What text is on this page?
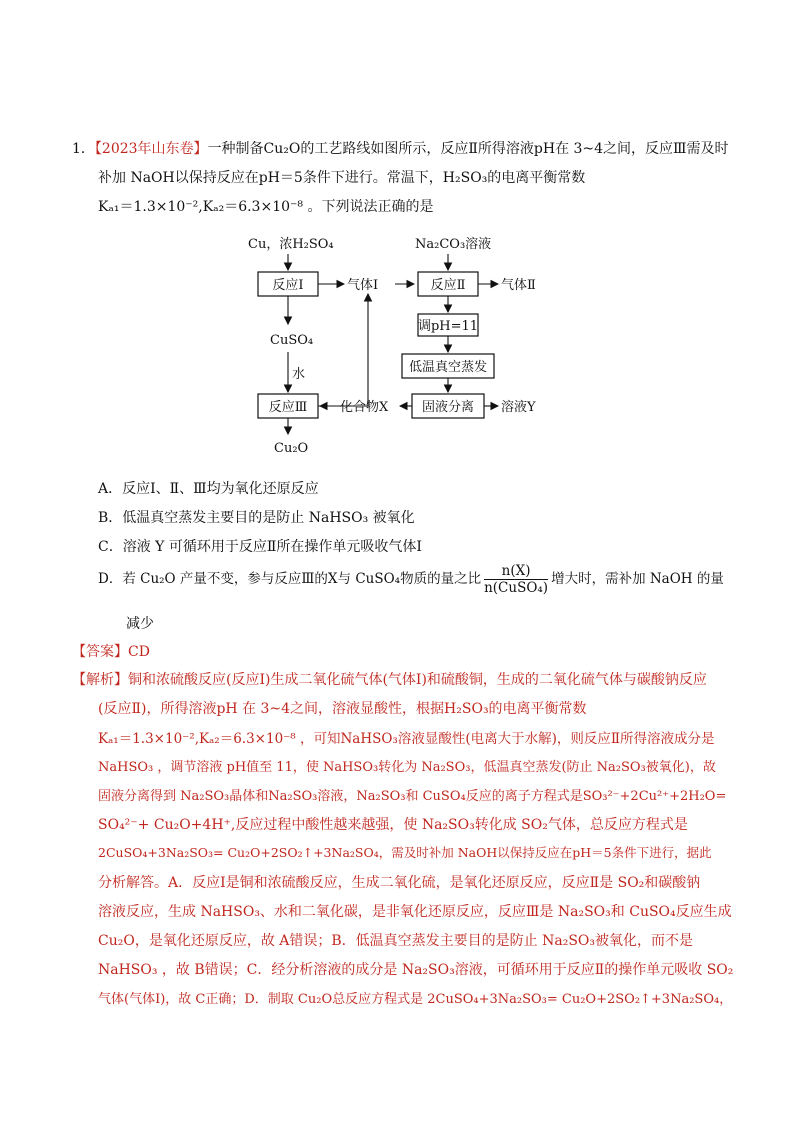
1．【2023年山东卷】一种制备Cu₂O的工艺路线如图所示，反应Ⅱ所得溶液pH在 3~4之间，反应Ⅲ需及时
补加 NaOH以保持反应在pH＝5条件下进行。常温下，H₂SO₃的电离平衡常数
Kₐ₁＝1.3×10⁻²,Kₐ₂＝6.3×10⁻⁸ 。下列说法正确的是
Cu，浓H₂SO₄
反应Ⅰ	气体Ⅰ
CuSO₄
水
反应Ⅲ
Cu₂O
化合物X
Na₂CO₃溶液
反应Ⅱ	气体Ⅱ
调pH=11
低温真空蒸发
固液分离 溶液Y
A．反应Ⅰ、Ⅱ、Ⅲ均为氧化还原反应
B．低温真空蒸发主要目的是防止 NaHSO₃ 被氧化
C．溶液 Y 可循环用于反应Ⅱ所在操作单元吸收气体Ⅰ
D．若 Cu₂O 产量不变，参与反应Ⅲ的X与 CuSO₄物质的量之比 $\frac{n(X)}{\text{n(CuSO₄)}}$ 增大时，需补加 NaOH 的量
减少
【答案】CD
【解析】铜和浓硫酸反应(反应Ⅰ)生成二氧化硫气体(气体Ⅰ)和硫酸铜，生成的二氧化硫气体与碳酸钠反应
(反应Ⅱ)，所得溶液pH 在 3~4之间，溶液显酸性，根据H₂SO₃的电离平衡常数
Kₐ₁＝1.3×10⁻²,Kₐ₂＝6.3×10⁻⁸ ，可知NaHSO₃溶液显酸性(电离大于水解)，则反应Ⅱ所得溶液成分是
NaHSO₃ ，调节溶液 pH值至 11，使 NaHSO₃转化为 Na₂SO₃，低温真空蒸发(防止 Na₂SO₃被氧化)，故
固液分离得到 Na₂SO₃晶体和Na₂SO₃溶液，Na₂SO₃和 CuSO₄反应的离子方程式是SO₃²⁻+2Cu²⁺+2H₂O=
SO₄²⁻+ Cu₂O+4H⁺,反应过程中酸性越来越强，使 Na₂SO₃转化成 SO₂气体，总反应方程式是
2CuSO₄+3Na₂SO₃= Cu₂O+2SO₂↑+3Na₂SO₄，需及时补加 NaOH以保持反应在pH＝5条件下进行，据此
分析解答。A．反应Ⅰ是铜和浓硫酸反应，生成二氧化硫，是氧化还原反应，反应Ⅱ是 SO₂和碳酸钠
溶液反应，生成 NaHSO₃、水和二氧化碳，是非氧化还原反应，反应Ⅲ是 Na₂SO₃和 CuSO₄反应生成
Cu₂O，是氧化还原反应，故 A错误；B．低温真空蒸发主要目的是防止 Na₂SO₃被氧化，而不是
NaHSO₃ ，故 B错误；C．经分析溶液的成分是 Na₂SO₃溶液，可循环用于反应Ⅱ的操作单元吸收 SO₂
气体(气体Ⅰ)，故 C正确；D．制取 Cu₂O总反应方程式是 2CuSO₄+3Na₂SO₃= Cu₂O+2SO₂↑+3Na₂SO₄，
